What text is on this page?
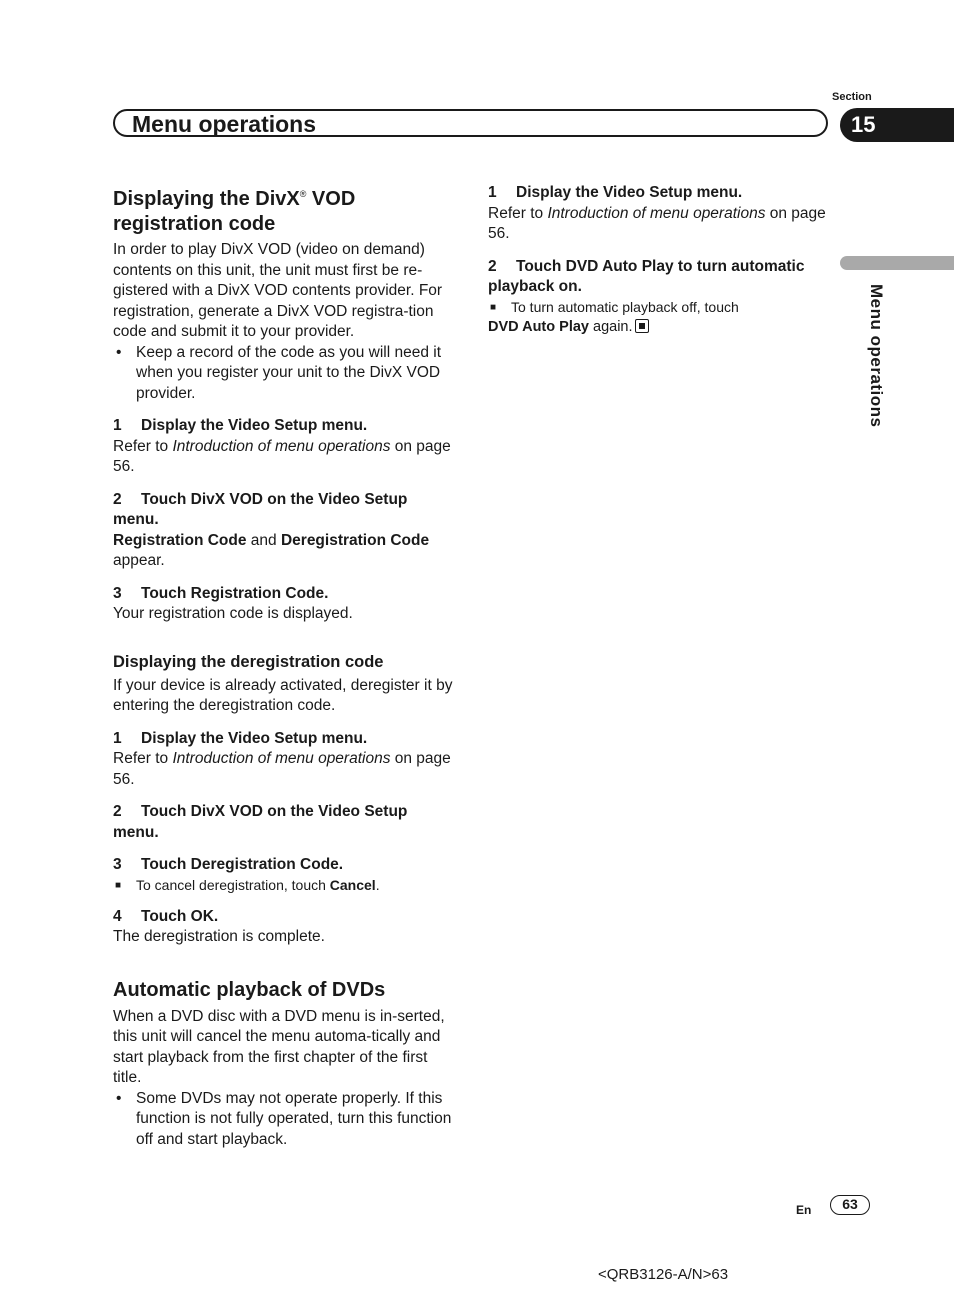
Section
Menu operations	15
Menu operations
Displaying the DivX® VOD registration code

In order to play DivX VOD (video on demand) contents on this unit, the unit must first be re-gistered with a DivX VOD contents provider. For registration, generate a DivX VOD registra-tion code and submit it to your provider.

• Keep a record of the code as you will need it when you register your unit to the DivX VOD provider.

1 Display the Video Setup menu.

Refer to Introduction of menu operations on page 56.

2 Touch DivX VOD on the Video Setup menu.

Registration Code and Deregistration Code appear.

3 Touch Registration Code.

Your registration code is displayed.

Displaying the deregistration code

If your device is already activated, deregister it by entering the deregistration code.

1 Display the Video Setup menu.

Refer to Introduction of menu operations on page 56.

2 Touch DivX VOD on the Video Setup menu.

3 Touch Deregistration Code.

■ To cancel deregistration, touch Cancel.

4 Touch OK.

The deregistration is complete.

Automatic playback of DVDs

When a DVD disc with a DVD menu is in-serted, this unit will cancel the menu automa-tically and start playback from the first chapter of the first title.

• Some DVDs may not operate properly. If this function is not fully operated, turn this function off and start playback.

1 Display the Video Setup menu.

Refer to Introduction of menu operations on page 56.

2 Touch DVD Auto Play to turn automatic playback on.

■ To turn automatic playback off, touch

DVD Auto Play again.

En	63
<QRB3126-A/N>63
